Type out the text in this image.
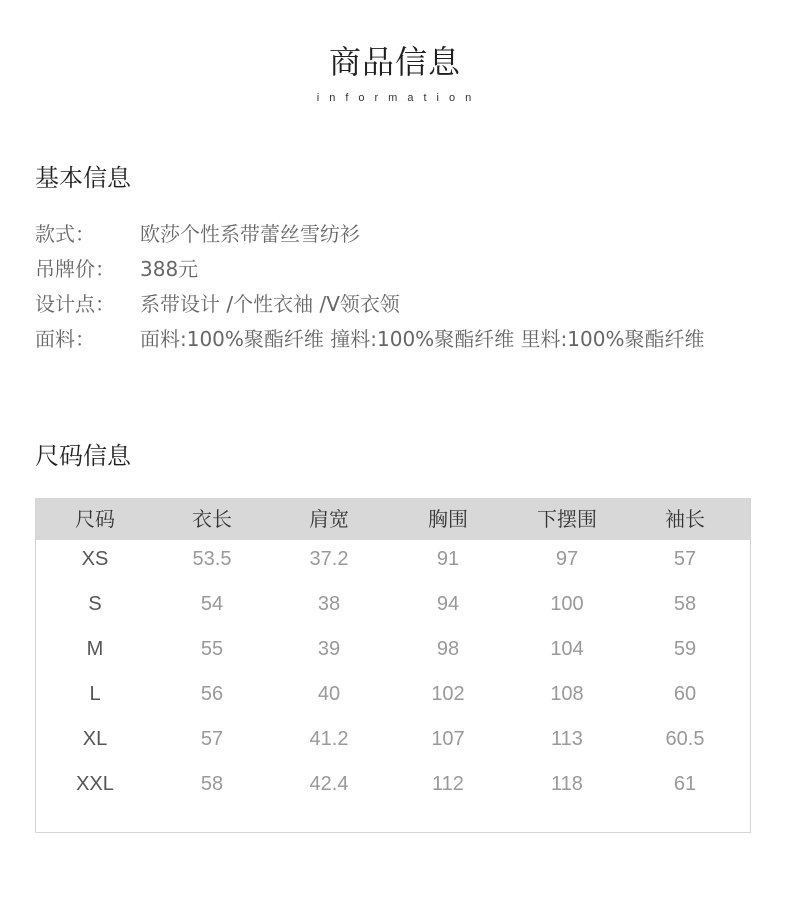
商品信息
information
基本信息
款式： 欧莎个性系带蕾丝雪纺衫
吊牌价： 388元
设计点： 系带设计 /个性衣袖 /V领衣领
面料： 面料:100%聚酯纤维 撞料:100%聚酯纤维 里料:100%聚酯纤维
尺码信息
尺码	衣长	肩宽	胸围	下摆围	袖长
XS	53.5	37.2	91	97	57
S	54	38	94	100	58
M	55	39	98	104	59
L	56	40	102	108	60
XL	57	41.2	107	113	60.5
XXL	58	42.4	112	118	61
